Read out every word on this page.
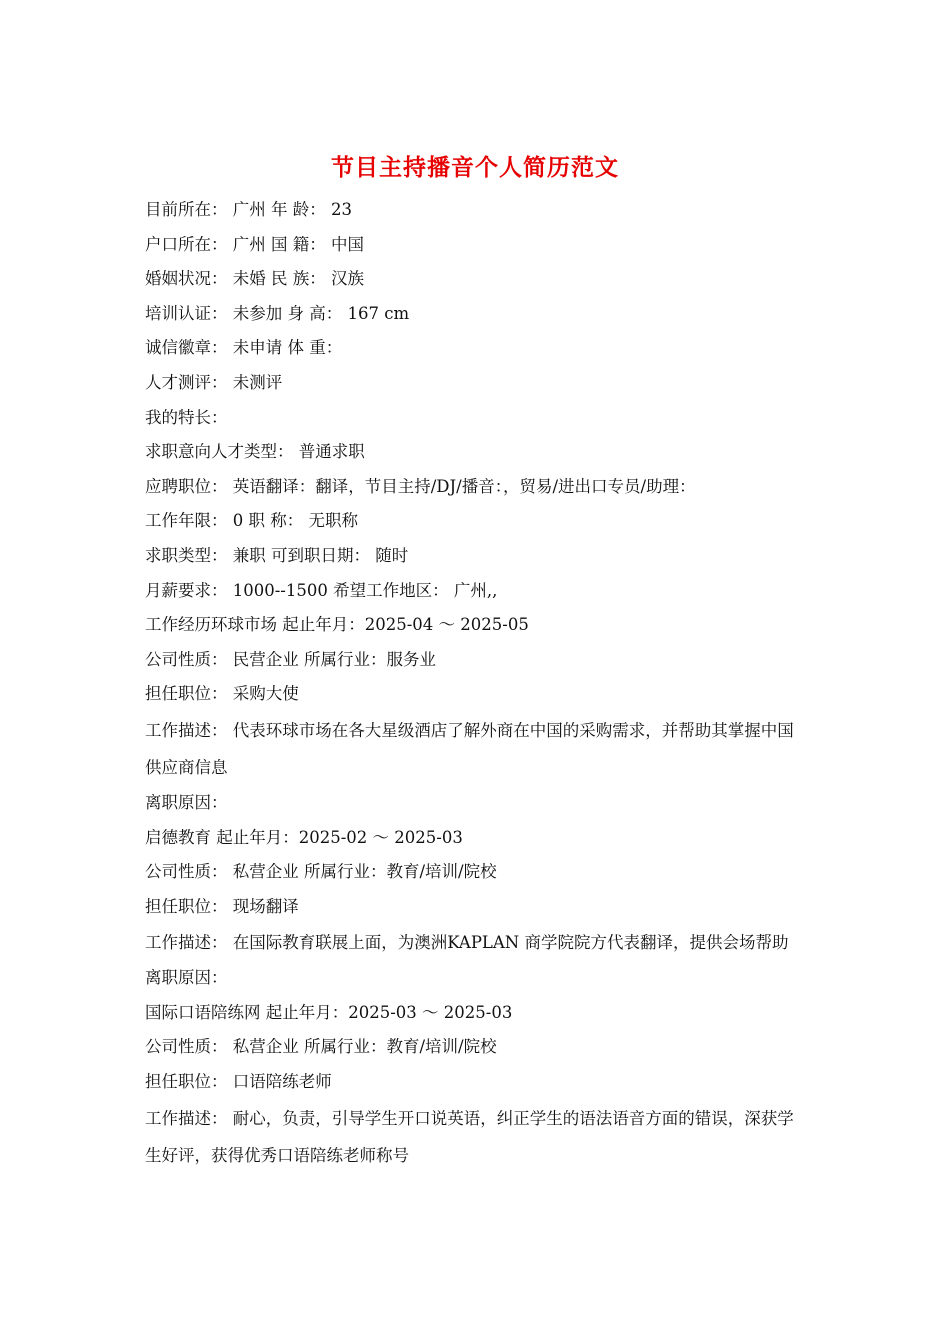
节目主持播音个人简历范文
目前所在： 广州 年 龄： 23
户口所在： 广州 国 籍： 中国
婚姻状况： 未婚 民 族： 汉族
培训认证： 未参加 身 高： 167 cm
诚信徽章： 未申请 体 重：
人才测评： 未测评
我的特长：
求职意向人才类型： 普通求职
应聘职位： 英语翻译：翻译，节目主持/DJ/播音：，贸易/进出口专员/助理：
工作年限： 0 职 称： 无职称
求职类型： 兼职 可到职日期： 随时
月薪要求： 1000--1500 希望工作地区： 广州,,
工作经历环球市场 起止年月：2025-04 ～ 2025-05
公司性质： 民营企业 所属行业：服务业
担任职位： 采购大使
工作描述： 代表环球市场在各大星级酒店了解外商在中国的采购需求，并帮助其掌握中国供应商信息
离职原因：
启德教育 起止年月：2025-02 ～ 2025-03
公司性质： 私营企业 所属行业：教育/培训/院校
担任职位： 现场翻译
工作描述： 在国际教育联展上面，为澳洲KAPLAN 商学院院方代表翻译，提供会场帮助
离职原因：
国际口语陪练网 起止年月：2025-03 ～ 2025-03
公司性质： 私营企业 所属行业：教育/培训/院校
担任职位： 口语陪练老师
工作描述： 耐心，负责，引导学生开口说英语，纠正学生的语法语音方面的错误，深获学生好评，获得优秀口语陪练老师称号
